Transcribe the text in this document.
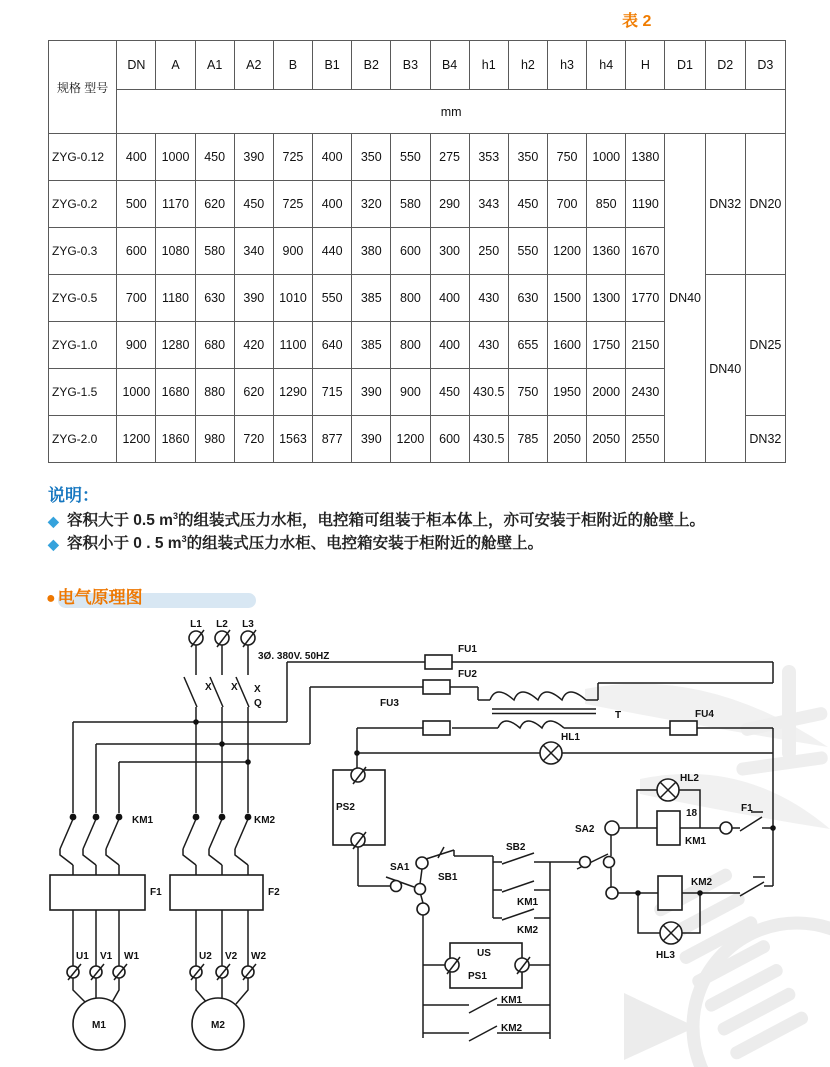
表 2
规格 型号	DN	A	A1	A2	B	B1	B2	B3	B4	h1	h2	h3	h4	H	D1	D2	D3
	mm																
ZYG-0.12	400	1000	450	390	725	400	350	550	275	353	350	750	1000	1380	DN40	DN32	DN20
ZYG-0.2	500	1170	620	450	725	400	320	580	290	343	450	700	850	1190			
ZYG-0.3	600	1080	580	340	900	440	380	600	300	250	550	1200	1360	1670			
ZYG-0.5	700	1180	630	390	1010	550	385	800	400	430	630	1500	1300	1770		DN40	DN25
ZYG-1.0	900	1280	680	420	1100	640	385	800	400	430	655	1600	1750	2150			
ZYG-1.5	1000	1680	880	620	1290	715	390	900	450	430.5	750	1950	2000	2430			
ZYG-2.0	1200	1860	980	720	1563	877	390	1200	600	430.5	785	2050	2050	2550			DN32
说明：
◆ 容积大于 0.5 $m^3$的组装式压力水柜，电控箱可组装于柜本体上，亦可安装于柜附近的舱壁上。
◆ 容积小于 0 . 5 $m^3$的组装式压力水柜、电控箱安装于柜附近的舱壁上。
● 电气原理图
L1 L2 L3
3Ø. 380V. 50HZ
X X X
Q
KM1	KM2
F1	F2
U1 V1 W1	U2 V2 W2
M1	M2
FU1
FU2
FU3
T	FU4
HL1
PS2
SA1
SB1
SB2
KM1
KM2
SA2
HL2
18	F1
KM1
KM2
HL3
US
PS1
KM1
KM2
